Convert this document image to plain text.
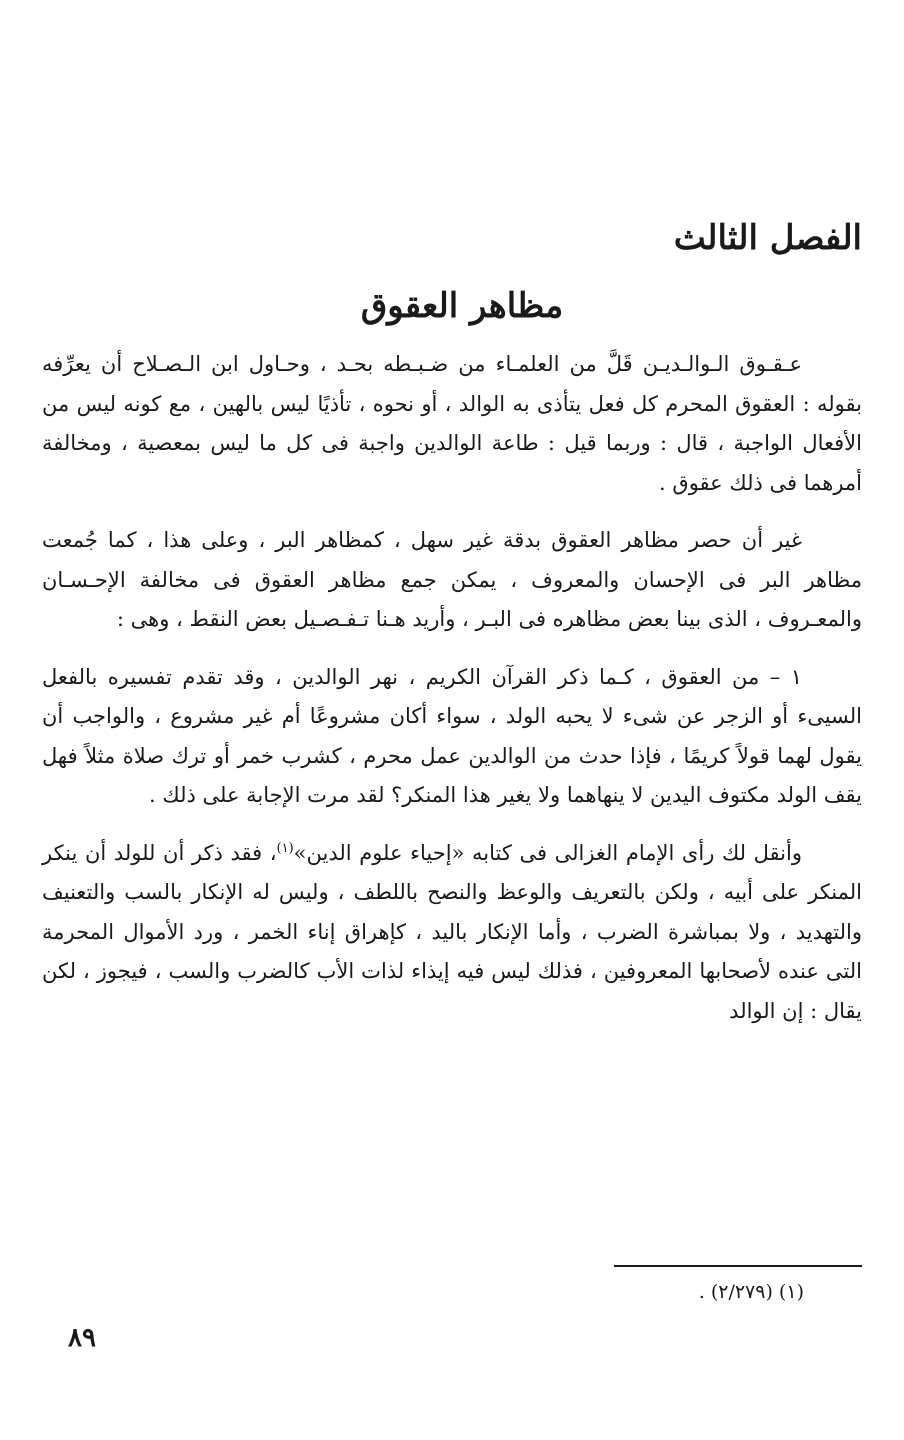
الفصل الثالث
مظاهر العقوق

عـقـوق الـوالـديـن قَلَّ من العلمـاء من ضـبـطه بحـد ، وحـاول ابن الـصـلاح أن يعرِّفه بقوله : العقوق المحرم كل فعل يتأذى به الوالد ، أو نحوه ، تأذيًا ليس بالهين ، مع كونه ليس من الأفعال الواجبة ، قال : وربما قيل : طاعة الوالدين واجبة فى كل ما ليس بمعصية ، ومخالفة أمرهما فى ذلك عقوق .

غير أن حصر مظاهر العقوق بدقة غير سهل ، كمظاهر البر ، وعلى هذا ، كما جُمعت مظاهر البر فى الإحسان والمعروف ، يمكن جمع مظاهر العقوق فى مخالفة الإحـسـان والمعـروف ، الذى بينا بعض مظاهره فى البـر ، وأريد هـنا تـفـصـيل بعض النقط ، وهى :

١ – من العقوق ، كـما ذكر القرآن الكريم ، نهر الوالدين ، وقد تقدم تفسيره بالفعل السيىء أو الزجر عن شىء لا يحبه الولد ، سواء أكان مشروعًا أم غير مشروع ، والواجب أن يقول لهما قولاً كريمًا ، فإذا حدث من الوالدين عمل محرم ، كشرب خمر أو ترك صلاة مثلاً فهل يقف الولد مكتوف اليدين لا ينهاهما ولا يغير هذا المنكر؟ لقد مرت الإجابة على ذلك .

وأنقل لك رأى الإمام الغزالى فى كتابه «إحياء علوم الدين»$^{(١)}$، فقد ذكر أن للولد أن ينكر المنكر على أبيه ، ولكن بالتعريف والوعظ والنصح باللطف ، وليس له الإنكار بالسب والتعنيف والتهديد ، ولا بمباشرة الضرب ، وأما الإنكار باليد ، كإهراق إناء الخمر ، ورد الأموال المحرمة التى عنده لأصحابها المعروفين ، فذلك ليس فيه إيذاء لذات الأب كالضرب والسب ، فيجوز ، لكن يقال : إن الوالد

(١) (٢/٢٧٩) .

٨٩
